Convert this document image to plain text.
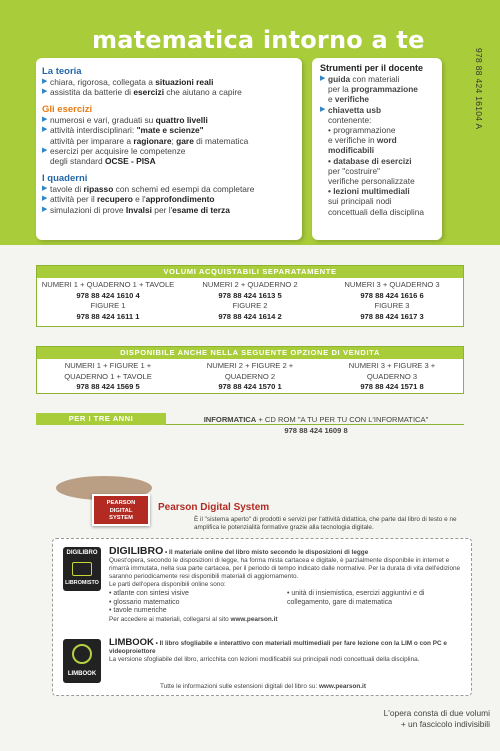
matematica intorno a te
978 88 424 16104 A
La teoria
▶ chiara, rigorosa, collegata a situazioni reali
▶ assistita da batterie di esercizi che aiutano a capire
Gli esercizi
▶ numerosi e vari, graduati su quattro livelli
▶ attività interdisciplinari: "mate e scienze"
attività per imparare a ragionare; gare di matematica
▶ esercizi per acquisire le competenze
degli standard OCSE - PISA
I quaderni
▶ tavole di ripasso con schemi ed esempi da completare
▶ attività per il recupero e l'approfondimento
▶ simulazioni di prove Invalsi per l'esame di terza
Strumenti per il docente
▶ guida con materiali
per la programmazione
e verifiche
▶ chiavetta usb
contenente:
• programmazione
e verifiche in word
modificabili
• database di esercizi
per "costruire"
verifiche personalizzate
• lezioni multimediali
sui principali nodi
concettuali della disciplina
VOLUMI ACQUISTABILI SEPARATAMENTE
NUMERI 1 + QUADERNO 1 + TAVOLE
978 88 424 1610 4
FIGURE 1
978 88 424 1611 1
NUMERI 2 + QUADERNO 2
978 88 424 1613 5
FIGURE 2
978 88 424 1614 2
NUMERI 3 + QUADERNO 3
978 88 424 1616 6
FIGURE 3
978 88 424 1617 3
DISPONIBILE ANCHE NELLA SEGUENTE OPZIONE DI VENDITA
NUMERI 1 + FIGURE 1 +
QUADERNO 1 + TAVOLE
978 88 424 1569 5
NUMERI 2 + FIGURE 2 +
QUADERNO 2
978 88 424 1570 1
NUMERI 3 + FIGURE 3 +
QUADERNO 3
978 88 424 1571 8
PER I TRE ANNI	INFORMATICA + CD ROM "A TU PER TU CON L'INFORMATICA"
978 88 424 1609 8
PEARSON
DIGITAL
SYSTEM
Pearson Digital System
È il "sistema aperto" di prodotti e servizi per l'attività didattica, che parte dal libro di testo e ne amplifica le potenzialità formative grazie alla tecnologia digitale.
DIGILIBRO
LIBROMISTO
DIGILIBRO • Il materiale online del libro misto secondo le disposizioni di legge
Quest'opera, secondo le disposizioni di legge, ha forma mista cartacea e digitale, è parzialmente disponibile in internet e rimarrà immutata, nella sua parte cartacea, per il periodo di tempo indicato dalle normative. Per la durata di vita dell'edizione saranno periodicamente resi disponibili materiali di aggiornamento.
Le parti dell'opera disponibili online sono:
• atlante con sintesi visive
• glossario matematico
• tavole numeriche
• unità di insiemistica, esercizi aggiuntivi e di
collegamento, gare di matematica
Per accedere ai materiali, collegarsi al sito www.pearson.it
LIMBOOK
LIMBOOK • Il libro sfogliabile e interattivo con materiali multimediali per fare lezione con la LIM o con PC e videoproiettore
La versione sfogliabile del libro, arricchita con lezioni modificabili sui principali nodi concettuali della disciplina.
Tutte le informazioni sulle estensioni digitali del libro su: www.pearson.it
L'opera consta di due volumi
+ un fascicolo indivisibili
